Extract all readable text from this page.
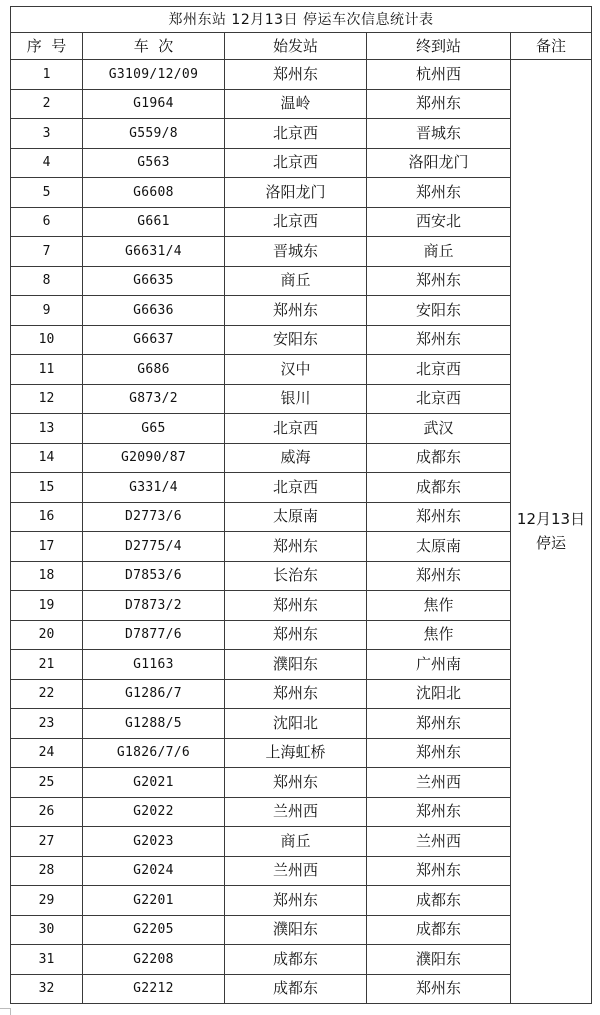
郑州东站 12月13日 停运车次信息统计表				
序  号	车  次	始发站	终到站	备注
1	G3109/12/09	郑州东	杭州西	12月13日
停运

2	G1964	温岭	郑州东	
3	G559/8	北京西	晋城东	
4	G563	北京西	洛阳龙门	
5	G6608	洛阳龙门	郑州东	
6	G661	北京西	西安北	
7	G6631/4	晋城东	商丘	
8	G6635	商丘	郑州东	
9	G6636	郑州东	安阳东	
10	G6637	安阳东	郑州东	
11	G686	汉中	北京西	
12	G873/2	银川	北京西	
13	G65	北京西	武汉	
14	G2090/87	威海	成都东	
15	G331/4	北京西	成都东	
16	D2773/6	太原南	郑州东	
17	D2775/4	郑州东	太原南	
18	D7853/6	长治东	郑州东	
19	D7873/2	郑州东	焦作	
20	D7877/6	郑州东	焦作	
21	G1163	濮阳东	广州南	
22	G1286/7	郑州东	沈阳北	
23	G1288/5	沈阳北	郑州东	
24	G1826/7/6	上海虹桥	郑州东	
25	G2021	郑州东	兰州西	
26	G2022	兰州西	郑州东	
27	G2023	商丘	兰州西	
28	G2024	兰州西	郑州东	
29	G2201	郑州东	成都东	
30	G2205	濮阳东	成都东	
31	G2208	成都东	濮阳东	
32	G2212	成都东	郑州东	
